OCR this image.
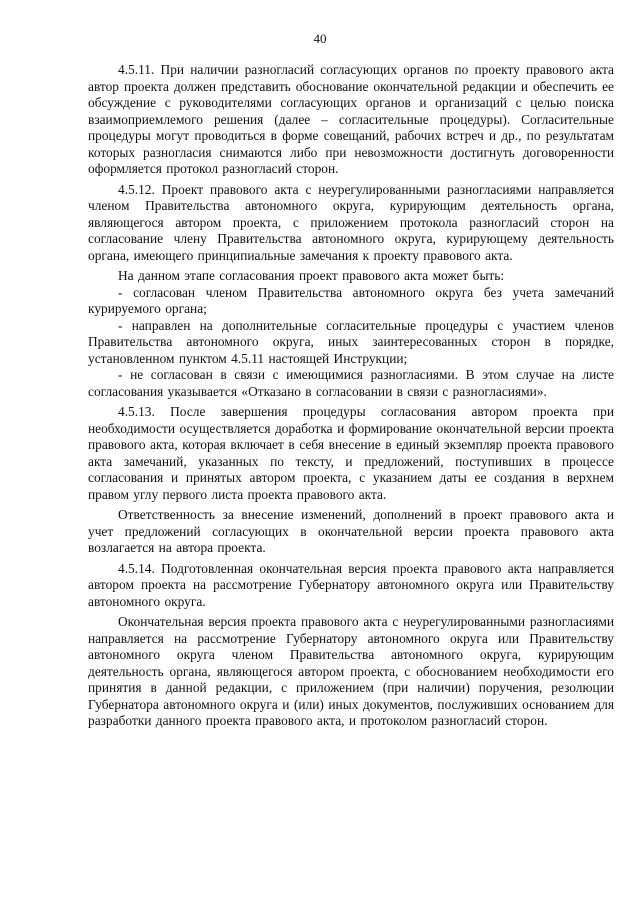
40

4.5.11. При наличии разногласий согласующих органов по проекту правового акта автор проекта должен представить обоснование окончательной редакции и обеспечить ее обсуждение с руководителями согласующих органов и организаций с целью поиска взаимоприемлемого решения (далее – согласительные процедуры). Согласительные процедуры могут проводиться в форме совещаний, рабочих встреч и др., по результатам которых разногласия снимаются либо при невозможности достигнуть договоренности оформляется протокол разногласий сторон.

4.5.12. Проект правового акта с неурегулированными разногласиями направляется членом Правительства автономного округа, курирующим деятельность органа, являющегося автором проекта, с приложением протокола разногласий сторон на согласование члену Правительства автономного округа, курирующему деятельность органа, имеющего принципиальные замечания к проекту правового акта.

На данном этапе согласования проект правового акта может быть:

- согласован членом Правительства автономного округа без учета замечаний курируемого органа;

- направлен на дополнительные согласительные процедуры с участием членов Правительства автономного округа, иных заинтересованных сторон в порядке, установленном пунктом 4.5.11 настоящей Инструкции;

- не согласован в связи с имеющимися разногласиями. В этом случае на листе согласования указывается «Отказано в согласовании в связи с разногласиями».

4.5.13. После завершения процедуры согласования автором проекта при необходимости осуществляется доработка и формирование окончательной версии проекта правового акта, которая включает в себя внесение в единый экземпляр проекта правового акта замечаний, указанных по тексту, и предложений, поступивших в процессе согласования и принятых автором проекта, с указанием даты ее создания в верхнем правом углу первого листа проекта правового акта.

Ответственность за внесение изменений, дополнений в проект правового акта и учет предложений согласующих в окончательной версии проекта правового акта возлагается на автора проекта.

4.5.14. Подготовленная окончательная версия проекта правового акта направляется автором проекта на рассмотрение Губернатору автономного округа или Правительству автономного округа.

Окончательная версия проекта правового акта с неурегулированными разногласиями направляется на рассмотрение Губернатору автономного округа или Правительству автономного округа членом Правительства автономного округа, курирующим деятельность органа, являющегося автором проекта, с обоснованием необходимости его принятия в данной редакции, с приложением (при наличии) поручения, резолюции Губернатора автономного округа и (или) иных документов, послуживших основанием для разработки данного проекта правового акта, и протоколом разногласий сторон.
